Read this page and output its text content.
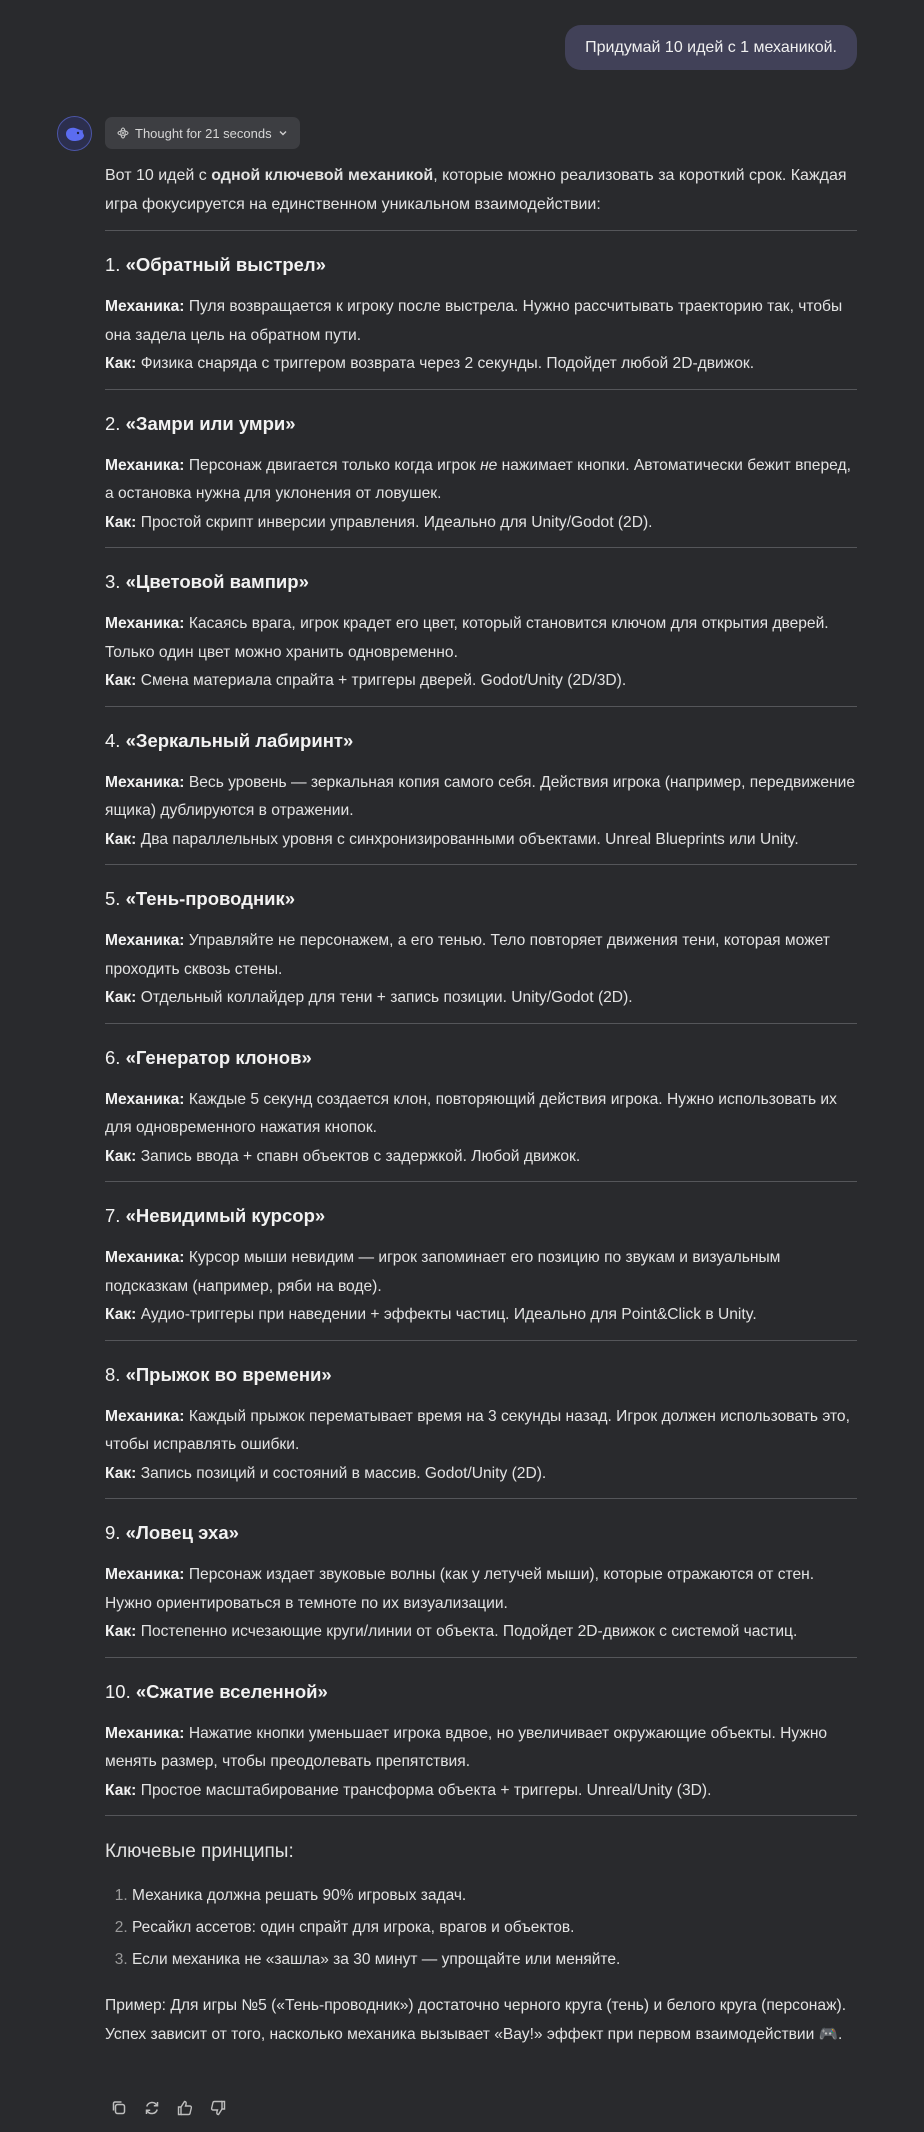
Придумай 10 идей с 1 механикой.
Thought for 21 seconds

Вот 10 идей с одной ключевой механикой, которые можно реализовать за короткий срок. Каждая игра фокусируется на единственном уникальном взаимодействии:

1. «Обратный выстрел»

Механика: Пуля возвращается к игроку после выстрела. Нужно рассчитывать траекторию так, чтобы она задела цель на обратном пути.

Как: Физика снаряда с триггером возврата через 2 секунды. Подойдет любой 2D-движок.

2. «Замри или умри»

Механика: Персонаж двигается только когда игрок не нажимает кнопки. Автоматически бежит вперед, а остановка нужна для уклонения от ловушек.

Как: Простой скрипт инверсии управления. Идеально для Unity/Godot (2D).

3. «Цветовой вампир»

Механика: Касаясь врага, игрок крадет его цвет, который становится ключом для открытия дверей. Только один цвет можно хранить одновременно.

Как: Смена материала спрайта + триггеры дверей. Godot/Unity (2D/3D).

4. «Зеркальный лабиринт»

Механика: Весь уровень — зеркальная копия самого себя. Действия игрока (например, передвижение ящика) дублируются в отражении.

Как: Два параллельных уровня с синхронизированными объектами. Unreal Blueprints или Unity.

5. «Тень-проводник»

Механика: Управляйте не персонажем, а его тенью. Тело повторяет движения тени, которая может проходить сквозь стены.

Как: Отдельный коллайдер для тени + запись позиции. Unity/Godot (2D).

6. «Генератор клонов»

Механика: Каждые 5 секунд создается клон, повторяющий действия игрока. Нужно использовать их для одновременного нажатия кнопок.

Как: Запись ввода + спавн объектов с задержкой. Любой движок.

7. «Невидимый курсор»

Механика: Курсор мыши невидим — игрок запоминает его позицию по звукам и визуальным подсказкам (например, ряби на воде).

Как: Аудио-триггеры при наведении + эффекты частиц. Идеально для Point&Click в Unity.

8. «Прыжок во времени»

Механика: Каждый прыжок перематывает время на 3 секунды назад. Игрок должен использовать это, чтобы исправлять ошибки.

Как: Запись позиций и состояний в массив. Godot/Unity (2D).

9. «Ловец эха»

Механика: Персонаж издает звуковые волны (как у летучей мыши), которые отражаются от стен. Нужно ориентироваться в темноте по их визуализации.

Как: Постепенно исчезающие круги/линии от объекта. Подойдет 2D-движок с системой частиц.

10. «Сжатие вселенной»

Механика: Нажатие кнопки уменьшает игрока вдвое, но увеличивает окружающие объекты. Нужно менять размер, чтобы преодолевать препятствия.

Как: Простое масштабирование трансформа объекта + триггеры. Unreal/Unity (3D).

Ключевые принципы:
1. Механика должна решать 90% игровых задач.
2. Ресайкл ассетов: один спрайт для игрока, врагов и объектов.
3. Если механика не «зашла» за 30 минут — упрощайте или меняйте.

Пример: Для игры №5 («Тень-проводник») достаточно черного круга (тень) и белого круга (персонаж). Успех зависит от того, насколько механика вызывает «Вау!» эффект при первом взаимодействии 🎮.
